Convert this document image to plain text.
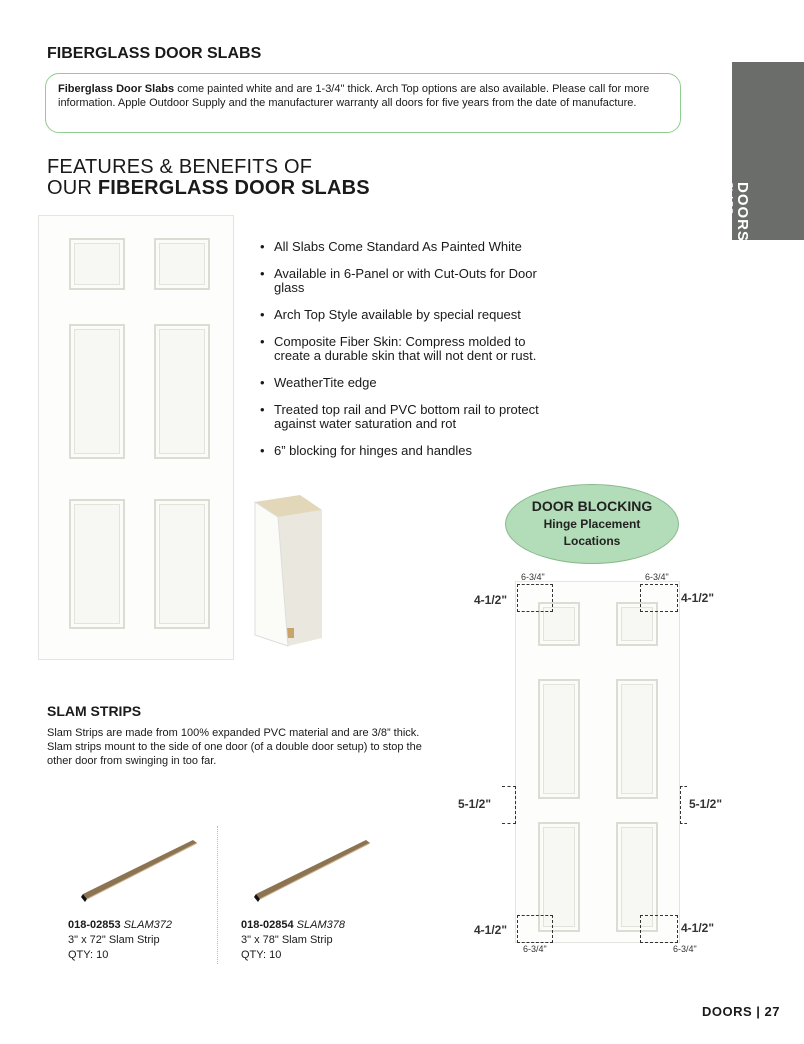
FIBERGLASS DOOR SLABS

Fiberglass Door Slabs come painted white and are 1-3/4" thick. Arch Top options are also available. Please call for more information. Apple Outdoor Supply and the manufacturer warranty all doors for five years from the date of manufacture.

DOORS
SLABS
FEATURES & BENEFITS OF
OUR FIBERGLASS DOOR SLABS
• All Slabs Come Standard As Painted White
• Available in 6-Panel or with Cut-Outs for Door glass
• Arch Top Style available by special request
• Composite Fiber Skin: Compress molded to create a durable skin that will not dent or rust.
• WeatherTite edge
• Treated top rail and PVC bottom rail to protect against water saturation and rot
• 6” blocking for hinges and handles
DOOR BLOCKING
Hinge Placement
Locations
6-3/4"	6-3/4"
4-1/2"	4-1/2"
5-1/2"	5-1/2"
4-1/2"	4-1/2"
6-3/4"	6-3/4"
SLAM STRIPS

Slam Strips are made from 100% expanded PVC material and are 3/8” thick. Slam strips mount to the side of one door (of a double door setup) to stop the other door from swinging in too far.

018-02853 SLAM372
3" x 72" Slam Strip
QTY: 10
018-02854 SLAM378
3" x 78" Slam Strip
QTY: 10
DOORS | 27
